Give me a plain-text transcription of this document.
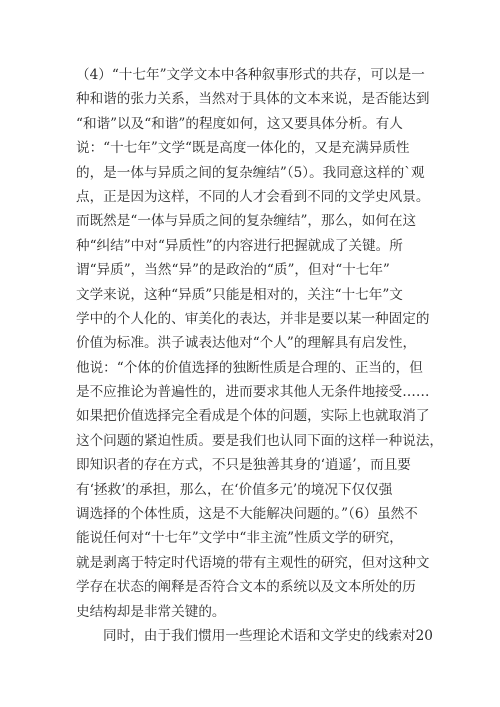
（4）“十七年”文学文本中各种叙事形式的共存，可以是一
种和谐的张力关系，当然对于具体的文本来说，是否能达到
“和谐”以及“和谐”的程度如何，这又要具体分析。有人
说：“十七年”文学“既是高度一体化的，又是充满异质性
的，是一体与异质之间的复杂缠结”（5）。我同意这样的`观
点，正是因为这样，不同的人才会看到不同的文学史风景。
而既然是“一体与异质之间的复杂缠结”，那么，如何在这
种“纠结”中对“异质性”的内容进行把握就成了关键。所
谓“异质”，当然“异”的是政治的“质”，但对“十七年”
文学来说，这种“异质”只能是相对的，关注“十七年”文
学中的个人化的、审美化的表达，并非是要以某一种固定的
价值为标准。洪子诚表达他对“个人”的理解具有启发性，
他说：“个体的价值选择的独断性质是合理的、正当的，但
是不应推论为普遍性的，进而要求其他人无条件地接受……
如果把价值选择完全看成是个体的问题，实际上也就取消了
这个问题的紧迫性质。要是我们也认同下面的这样一种说法，
即知识者的存在方式，不只是独善其身的‘逍遥’，而且要
有‘拯救’的承担，那么，在‘价值多元’的境况下仅仅强
调选择的个体性质，这是不大能解决问题的。”（6）虽然不
能说任何对“十七年”文学中“非主流”性质文学的研究，
就是剥离于特定时代语境的带有主观性的研究，但对这种文
学存在状态的阐释是否符合文本的系统以及文本所处的历
史结构却是非常关键的。
同时，由于我们惯用一些理论术语和文学史的线索对20
